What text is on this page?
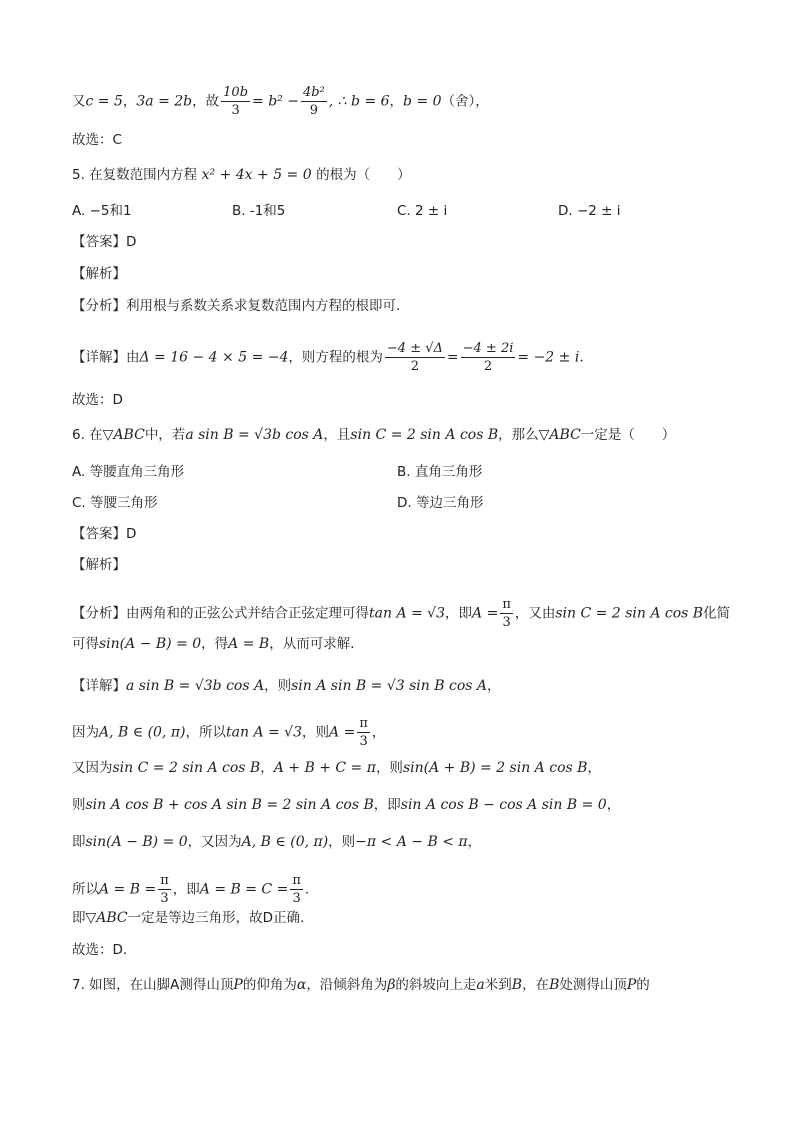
又c = 5，3a = 2b，故 $\frac{10b}{3} = b^2 - \frac{\text{4b²}}{9}$ , ∴ b = 6，b = 0（舍），
故选：C
5. 在复数范围内方程 x² + 4x + 5 = 0 的根为（　　）
A. −5和1	B. -1和5	C. 2 ± i	D. −2 ± i
【答案】D
【解析】
【分析】利用根与系数关系求复数范围内方程的根即可.
【详解】由Δ = 16 − 4 × 5 = −4，则方程的根为 $\frac{-4 \pm √\Delta}{2} = \frac{-4 \pm 2i}{2} = -2 \pm i$.
故选：D
6. 在▽ABC中，若a sin B = √3b cos A，且sin C = 2 sin A cos B，那么▽ABC一定是（　　）
A. 等腰直角三角形	B. 直角三角形
C. 等腰三角形	D. 等边三角形
【答案】D
【解析】
【分析】由两角和的正弦公式并结合正弦定理可得tan A = √3，即$A = \frac{\pi}{3}$ ，又由sin C = 2 sin A cos B化简
可得sin(A − B) = 0，得A = B，从而可求解.
【详解】a sin B = √3b cos A，则sin A sin B = √3 sin B cos A，
因为A, B ∈ (0, π)，所以tan A = √3，则$A = \frac{\pi}{3}$ ，
又因为sin C = 2 sin A cos B，A + B + C = π，则sin(A + B) = 2 sin A cos B，
则sin A cos B + cos A sin B = 2 sin A cos B，即sin A cos B − cos A sin B = 0，
即sin(A − B) = 0，又因为A, B ∈ (0, π)，则−π < A − B < π，
所以$A = B = \frac{\pi}{3}$ ，即$A = B = C = \frac{\pi}{3}$ .
即▽ABC一定是等边三角形，故D正确.
故选：D.
7. 如图，在山脚A测得山顶P的仰角为α，沿倾斜角为β的斜坡向上走a米到B，在B处测得山顶P的
